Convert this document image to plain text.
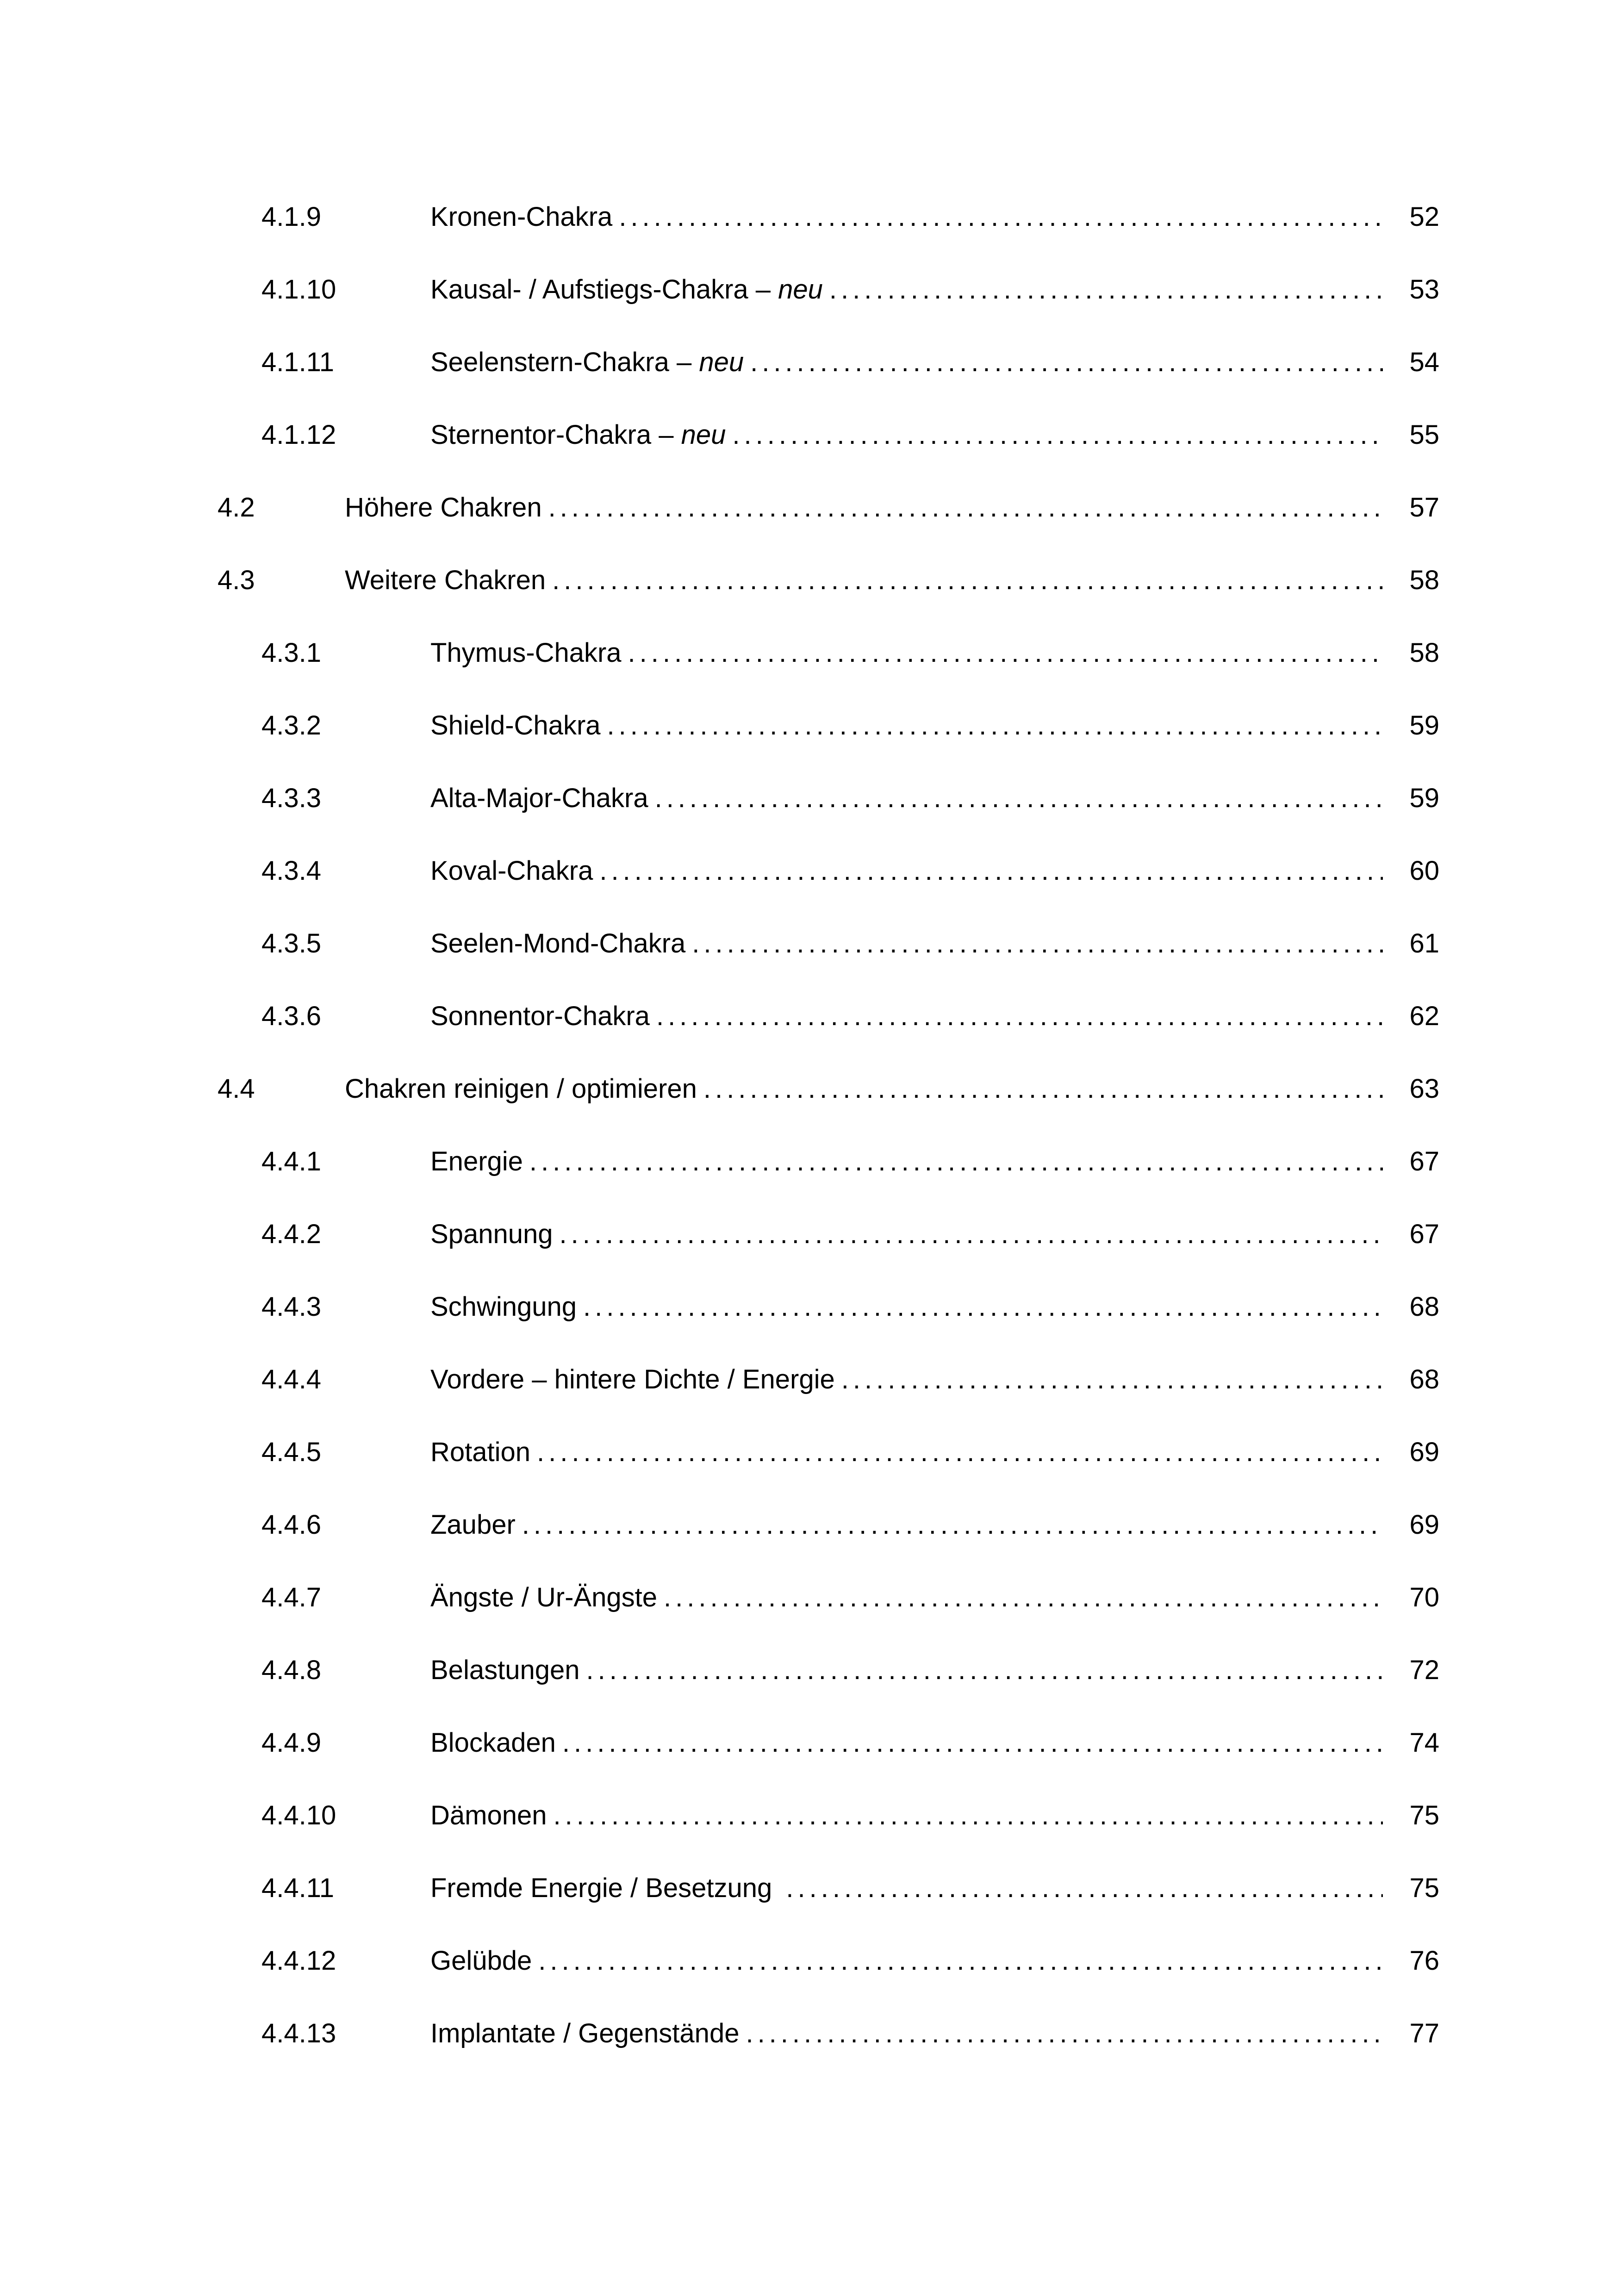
4.1.9	Kronen-Chakra .....	52
4.1.10	Kausal- / Aufstiegs-Chakra – neu .....	53
4.1.11	Seelenstern-Chakra – neu .....	54
4.1.12	Sternentor-Chakra – neu .....	55
4.2	Höhere Chakren .....	57
4.3	Weitere Chakren .....	58
4.3.1	Thymus-Chakra .....	58
4.3.2	Shield-Chakra .....	59
4.3.3	Alta-Major-Chakra .....	59
4.3.4	Koval-Chakra .....	60
4.3.5	Seelen-Mond-Chakra .....	61
4.3.6	Sonnentor-Chakra .....	62
4.4	Chakren reinigen / optimieren .....	63
4.4.1	Energie .....	67
4.4.2	Spannung .....	67
4.4.3	Schwingung .....	68
4.4.4	Vordere – hintere Dichte / Energie .....	68
4.4.5	Rotation .....	69
4.4.6	Zauber .....	69
4.4.7	Ängste / Ur-Ängste .....	70
4.4.8	Belastungen .....	72
4.4.9	Blockaden .....	74
4.4.10	Dämonen .....	75
4.4.11	Fremde Energie / Besetzung .....	75
4.4.12	Gelübde .....	76
4.4.13	Implantate / Gegenstände .....	77
